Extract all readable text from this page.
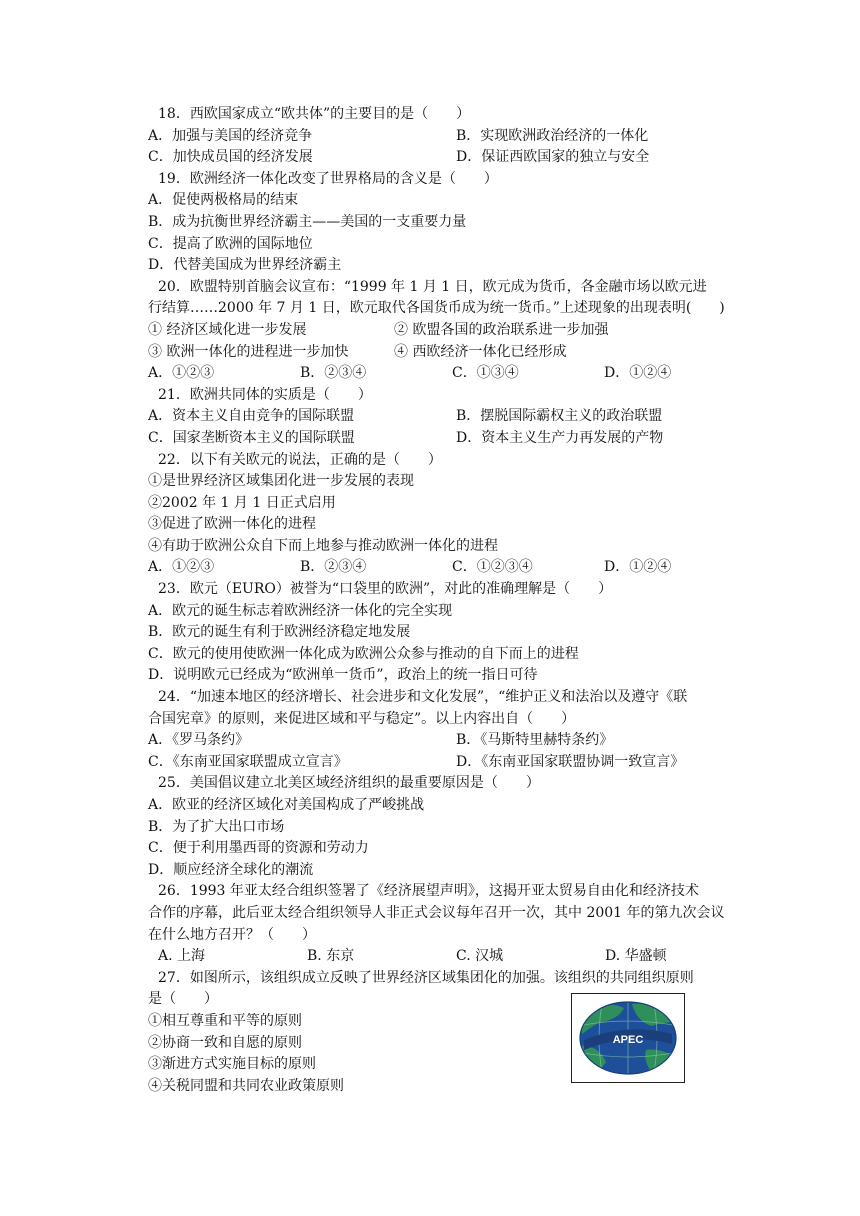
18．西欧国家成立“欧共体”的主要目的是（　　）
A．加强与美国的经济竞争	B．实现欧洲政治经济的一体化
C．加快成员国的经济发展	D．保证西欧国家的独立与安全
19．欧洲经济一体化改变了世界格局的含义是（　　）
A．促使两极格局的结束
B．成为抗衡世界经济霸主——美国的一支重要力量
C．提高了欧洲的国际地位
D．代替美国成为世界经济霸主
20．欧盟特别首脑会议宣布：“1999 年 1 月 1 日，欧元成为货币，各金融市场以欧元进
行结算……2000 年 7 月 1 日，欧元取代各国货币成为统一货币。”上述现象的出现表明(　　)
① 经济区域化进一步发展	② 欧盟各国的政治联系进一步加强
③ 欧洲一体化的进程进一步加快	④ 西欧经济一体化已经形成
A．①②③	B．②③④	C．①③④	D．①②④
21．欧洲共同体的实质是（　　）
A．资本主义自由竞争的国际联盟	B．摆脱国际霸权主义的政治联盟
C．国家垄断资本主义的国际联盟	D．资本主义生产力再发展的产物
22．以下有关欧元的说法，正确的是（　　）
①是世界经济区域集团化进一步发展的表现
②2002 年 1 月 1 日正式启用
③促进了欧洲一体化的进程
④有助于欧洲公众自下而上地参与推动欧洲一体化的进程
A．①②③	B．②③④	C．①②③④	D．①②④
23．欧元（EURO）被誉为“口袋里的欧洲”，对此的准确理解是（　　）
A．欧元的诞生标志着欧洲经济一体化的完全实现
B．欧元的诞生有利于欧洲经济稳定地发展
C．欧元的使用使欧洲一体化成为欧洲公众参与推动的自下而上的进程
D．说明欧元已经成为“欧洲单一货币”，政治上的统一指日可待
24．“加速本地区的经济增长、社会进步和文化发展”，“维护正义和法治以及遵守《联
合国宪章》的原则，来促进区域和平与稳定”。以上内容出自（　　）
A．《罗马条约》	B．《马斯特里赫特条约》
C．《东南亚国家联盟成立宣言》	D．《东南亚国家联盟协调一致宣言》
25．美国倡议建立北美区域经济组织的最重要原因是（　　）
A．欧亚的经济区域化对美国构成了严峻挑战
B．为了扩大出口市场
C．便于利用墨西哥的资源和劳动力
D．顺应经济全球化的潮流
26．1993 年亚太经合组织签署了《经济展望声明》，这揭开亚太贸易自由化和经济技术
合作的序幕，此后亚太经合组织领导人非正式会议每年召开一次，其中 2001 年的第九次会议
在什么地方召开？（　　）
A. 上海	B. 东京	C. 汉城	D. 华盛顿
27．如图所示，该组织成立反映了世界经济区域集团化的加强。该组织的共同组织原则
是（　　）
①相互尊重和平等的原则
②协商一致和自愿的原则
③渐进方式实施目标的原则
④关税同盟和共同农业政策原则
APEC
